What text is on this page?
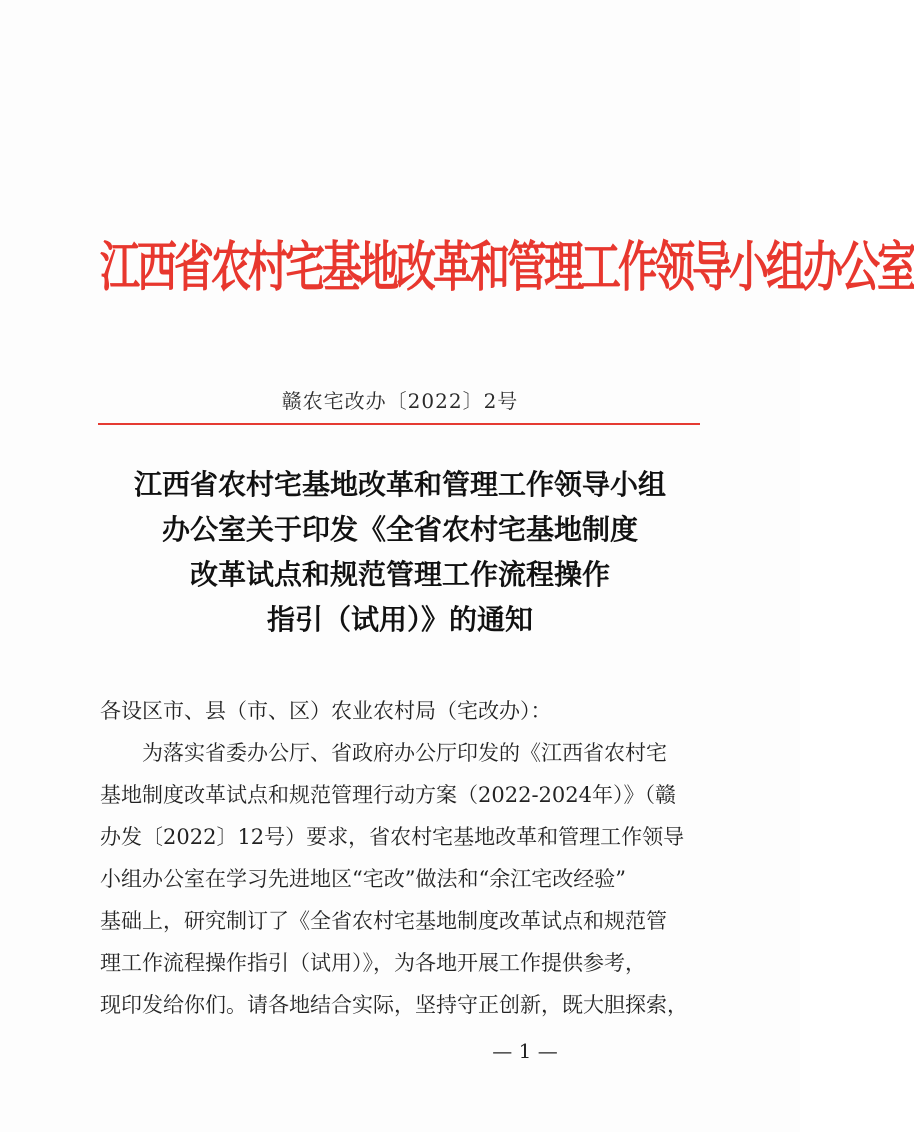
江西省农村宅基地改革和管理工作领导小组办公室
赣农宅改办〔2022〕2号
江西省农村宅基地改革和管理工作领导小组
办公室关于印发《全省农村宅基地制度
改革试点和规范管理工作流程操作
指引（试用）》的通知
各设区市、县（市、区）农业农村局（宅改办）：
为落实省委办公厅、省政府办公厅印发的《江西省农村宅
基地制度改革试点和规范管理行动方案（2022-2024年）》（赣
办发〔2022〕12号）要求，省农村宅基地改革和管理工作领导
小组办公室在学习先进地区“宅改”做法和“余江宅改经验”
基础上，研究制订了《全省农村宅基地制度改革试点和规范管
理工作流程操作指引（试用）》，为各地开展工作提供参考，
现印发给你们。请各地结合实际，坚持守正创新，既大胆探索，
— 1 —
